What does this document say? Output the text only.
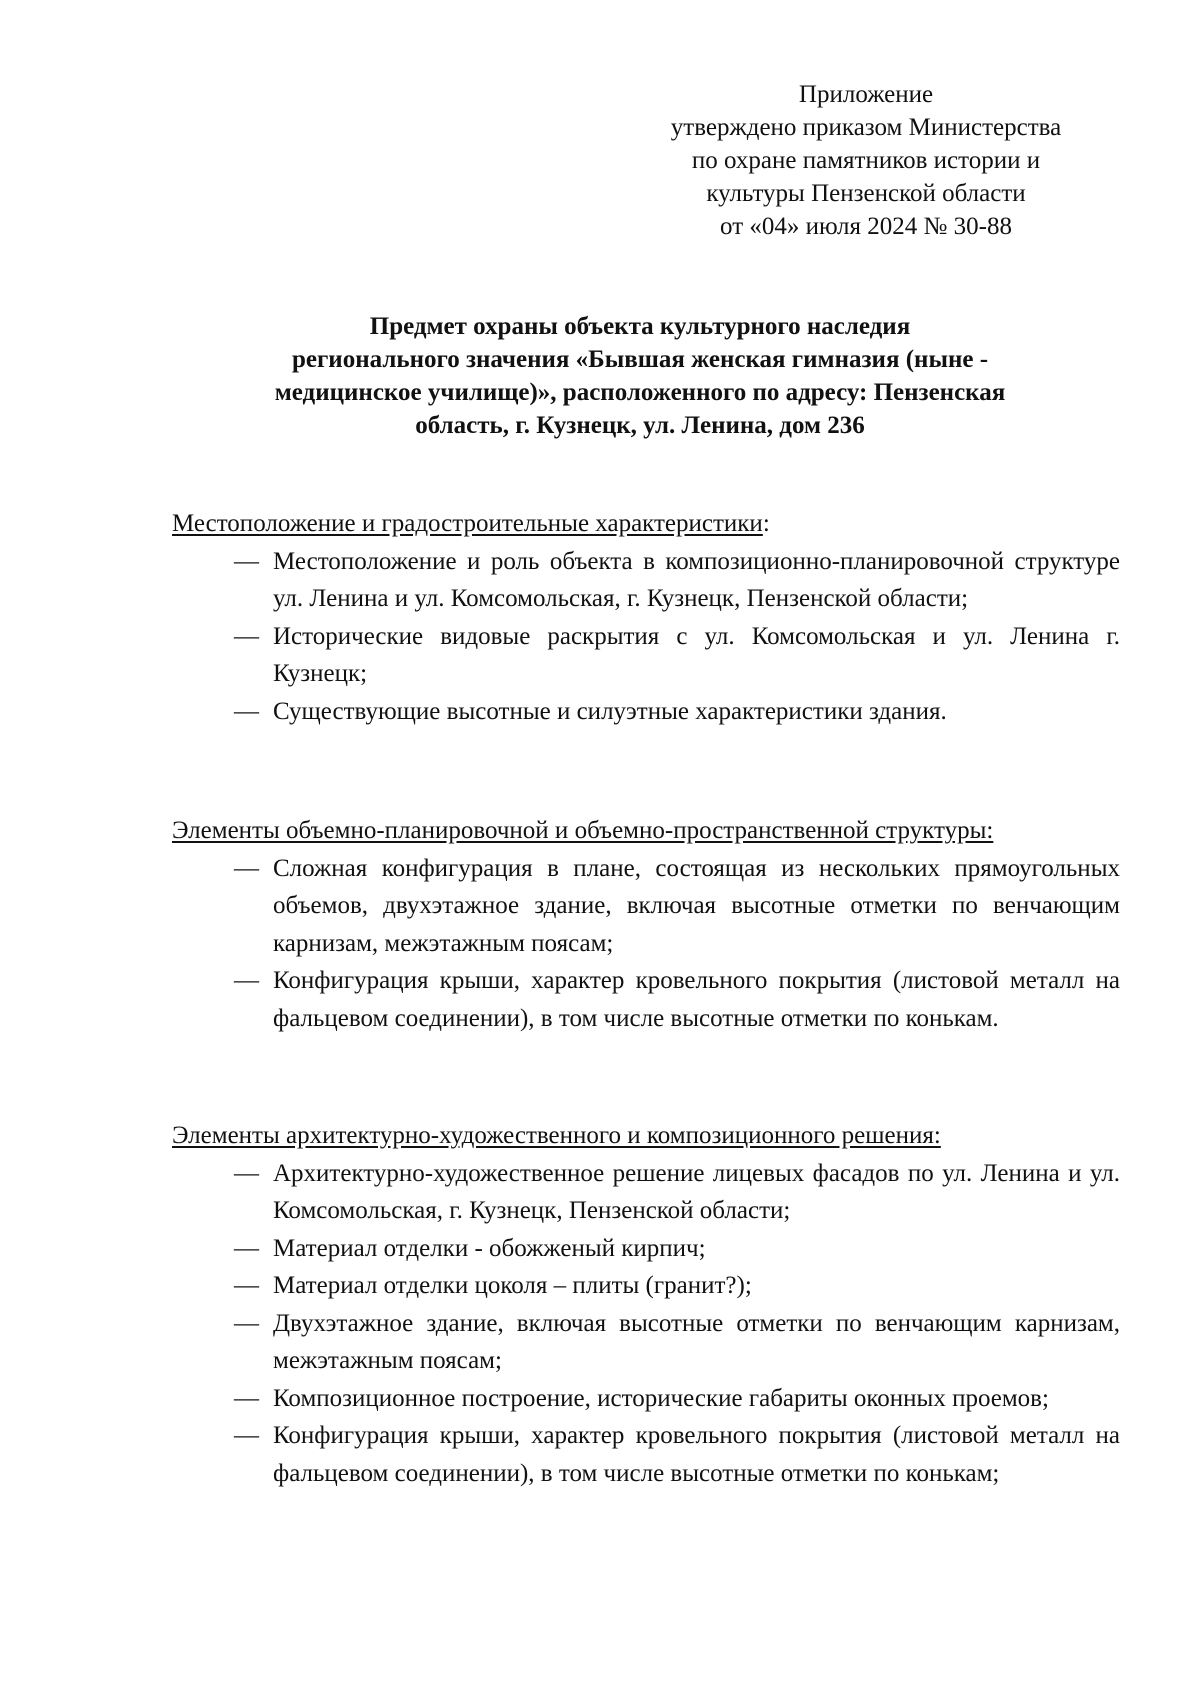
Приложение
утверждено приказом Министерства
по охране памятников истории и
культуры Пензенской области
от «04» июля 2024 № 30-88
Предмет охраны объекта культурного наследия
регионального значения «Бывшая женская гимназия (ныне -
медицинское училище)», расположенного по адресу: Пензенская
область, г. Кузнецк, ул. Ленина, дом 236
Местоположение и градостроительные характеристики:
— Местоположение и роль объекта в композиционно-планировочной структуре ул. Ленина и ул. Комсомольская, г. Кузнецк, Пензенской области;
— Исторические видовые раскрытия с ул. Комсомольская и ул. Ленина г. Кузнецк;
— Существующие высотные и силуэтные характеристики здания.
Элементы объемно-планировочной и объемно-пространственной структуры:
— Сложная конфигурация в плане, состоящая из нескольких прямоугольных объемов, двухэтажное здание, включая высотные отметки по венчающим карнизам, межэтажным поясам;
— Конфигурация крыши, характер кровельного покрытия (листовой металл на фальцевом соединении), в том числе высотные отметки по конькам.
Элементы архитектурно-художественного и композиционного решения:
— Архитектурно-художественное решение лицевых фасадов по ул. Ленина и ул. Комсомольская, г. Кузнецк, Пензенской области;
— Материал отделки - обожженый кирпич;
— Материал отделки цоколя – плиты (гранит?);
— Двухэтажное здание, включая высотные отметки по венчающим карнизам, межэтажным поясам;
— Композиционное построение, исторические габариты оконных проемов;
— Конфигурация крыши, характер кровельного покрытия (листовой металл на фальцевом соединении), в том числе высотные отметки по конькам;
